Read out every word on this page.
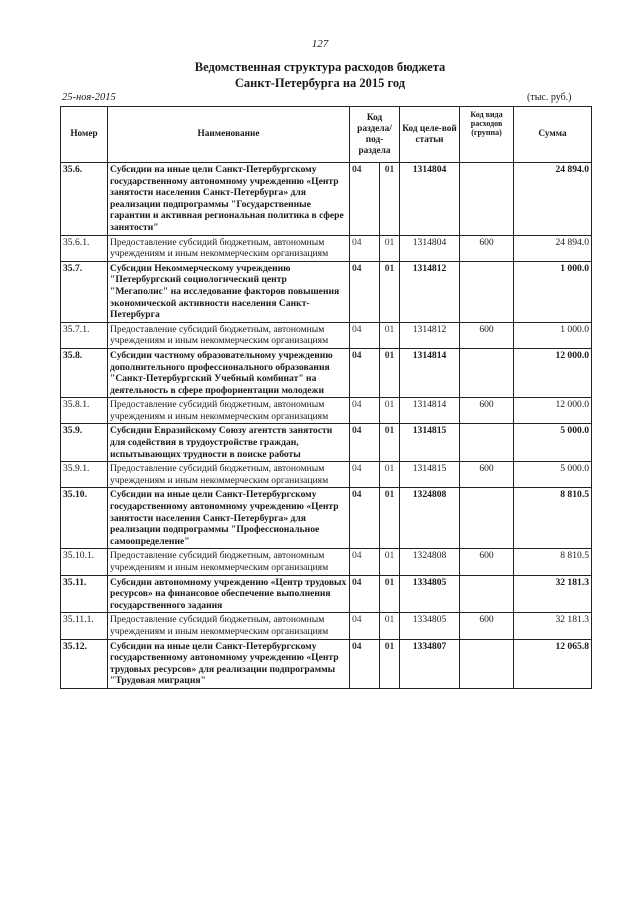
127
Ведомственная структура расходов бюджета
Санкт-Петербурга на 2015 год
25-ноя-2015	(тыс. руб.)
Номер	Наименование	Код раздела/ под-раздела		Код целе-вой статьи	Код вида расходов (группа)	Сумма
35.6.	Субсидии на иные цели Санкт-Петербургскому государственному автономному учреждению «Центр занятости населения Санкт-Петербурга» для реализации подпрограммы "Государственные гарантии и активная региональная политика в сфере занятости"	04	01	1314804		24 894.0
35.6.1.	Предоставление субсидий бюджетным, автономным учреждениям и иным некоммерческим организациям	04	01	1314804	600	24 894.0
35.7.	Субсидии Некоммерческому учреждению "Петербургский социологический центр "Мегаполис" на исследование факторов повышения экономической активности населения Санкт-Петербурга	04	01	1314812		1 000.0
35.7.1.	Предоставление субсидий бюджетным, автономным учреждениям и иным некоммерческим организациям	04	01	1314812	600	1 000.0
35.8.	Субсидии частному образовательному учреждению дополнительного профессионального образования "Санкт-Петербургский Учебный комбинат" на деятельность в сфере профориентации молодежи	04	01	1314814		12 000.0
35.8.1.	Предоставление субсидий бюджетным, автономным учреждениям и иным некоммерческим организациям	04	01	1314814	600	12 000.0
35.9.	Субсидии Евразийскому Союзу агентств занятости для содействия в трудоустройстве граждан, испытывающих трудности в поиске работы	04	01	1314815		5 000.0
35.9.1.	Предоставление субсидий бюджетным, автономным учреждениям и иным некоммерческим организациям	04	01	1314815	600	5 000.0
35.10.	Субсидии на иные цели Санкт-Петербургскому государственному автономному учреждению «Центр занятости населения Санкт-Петербурга» для реализации подпрограммы "Профессиональное самоопределение"	04	01	1324808		8 810.5
35.10.1.	Предоставление субсидий бюджетным, автономным учреждениям и иным некоммерческим организациям	04	01	1324808	600	8 810.5
35.11.	Субсидии автономному учреждению «Центр трудовых ресурсов» на финансовое обеспечение выполнения государственного задания	04	01	1334805		32 181.3
35.11.1.	Предоставление субсидий бюджетным, автономным учреждениям и иным некоммерческим организациям	04	01	1334805	600	32 181.3
35.12.	Субсидии на иные цели Санкт-Петербургскому государственному автономному учреждению «Центр трудовых ресурсов» для реализации подпрограммы "Трудовая миграция"	04	01	1334807		12 065.8
